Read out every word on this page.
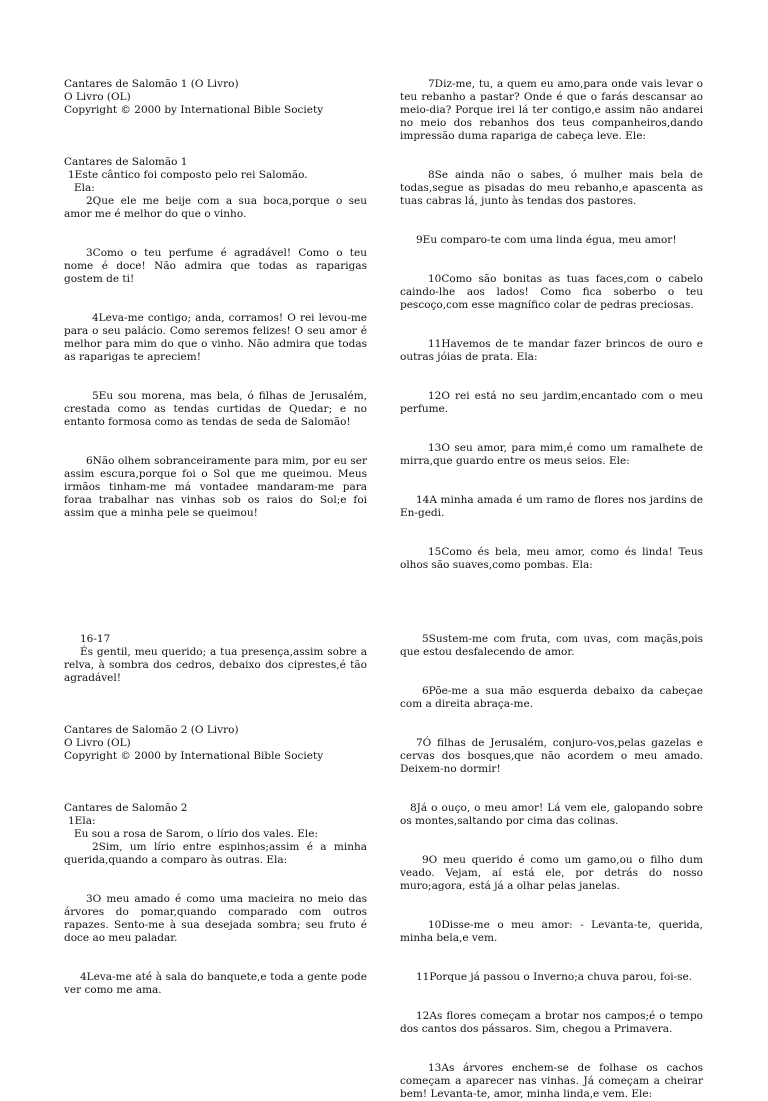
Cantares de Salomão 1 (O Livro)

O Livro (OL)

Copyright © 2000 by International Bible Society

Cantares de Salomão 1

1Este cântico foi composto pelo rei Salomão.

Ela:

2Que ele me beije com a sua boca,porque o seu amor me é melhor do que o vinho.

3Como o teu perfume é agradável! Como o teu nome é doce! Não admira que todas as raparigas gostem de ti!

4Leva-me contigo; anda, corramos! O rei levou-me para o seu palácio. Como seremos felizes! O seu amor é melhor para mim do que o vinho. Não admira que todas as raparigas te apreciem!

5Eu sou morena, mas bela, ó filhas de Jerusalém, crestada como as tendas curtidas de Quedar; e no entanto formosa como as tendas de seda de Salomão!

6Não olhem sobranceiramente para mim, por eu ser assim escura,porque foi o Sol que me queimou. Meus irmãos tinham-me má vontadee mandaram-me para foraa trabalhar nas vinhas sob os raios do Sol;e foi assim que a minha pele se queimou!

7Diz-me, tu, a quem eu amo,para onde vais levar o teu rebanho a pastar? Onde é que o farás descansar ao meio-dia? Porque irei lá ter contigo,e assim não andarei no meio dos rebanhos dos teus companheiros,dando impressão duma rapariga de cabeça leve. Ele:

8Se ainda não o sabes, ó mulher mais bela de todas,segue as pisadas do meu rebanho,e apascenta as tuas cabras lá, junto às tendas dos pastores.

9Eu comparo-te com uma linda égua, meu amor!

10Como são bonitas as tuas faces,com o cabelo caindo-lhe aos lados! Como fica soberbo o teu pescoço,com esse magnífico colar de pedras preciosas.

11Havemos de te mandar fazer brincos de ouro e outras jóias de prata. Ela:

12O rei está no seu jardim,encantado com o meu perfume.

13O seu amor, para mim,é como um ramalhete de mirra,que guardo entre os meus seios. Ele:

14A minha amada é um ramo de flores nos jardins de En-gedi.

15Como és bela, meu amor, como és linda! Teus olhos são suaves,como pombas. Ela:

16-17

És gentil, meu querido; a tua presença,assim sobre a relva, à sombra dos cedros, debaixo dos ciprestes,é tão agradável!

Cantares de Salomão 2 (O Livro)

O Livro (OL)

Copyright © 2000 by International Bible Society

Cantares de Salomão 2

1Ela:

Eu sou a rosa de Sarom, o lírio dos vales. Ele:

2Sim, um lírio entre espinhos;assim é a minha querida,quando a comparo às outras. Ela:

3O meu amado é como uma macieira no meio das árvores do pomar,quando comparado com outros rapazes. Sento-me à sua desejada sombra; seu fruto é doce ao meu paladar.

4Leva-me até à sala do banquete,e toda a gente pode ver como me ama.

5Sustem-me com fruta, com uvas, com maçãs,pois que estou desfalecendo de amor.

6Põe-me a sua mão esquerda debaixo da cabeçae com a direita abraça-me.

7Ó filhas de Jerusalém, conjuro-vos,pelas gazelas e cervas dos bosques,que não acordem o meu amado. Deixem-no dormir!

8Já o ouço, o meu amor! Lá vem ele, galopando sobre os montes,saltando por cima das colinas.

9O meu querido é como um gamo,ou o filho dum veado. Vejam, aí está ele, por detrás do nosso muro;agora, está já a olhar pelas janelas.

10Disse-me o meu amor: - Levanta-te, querida, minha bela,e vem.

11Porque já passou o Inverno;a chuva parou, foi-se.

12As flores começam a brotar nos campos;é o tempo dos cantos dos pássaros. Sim, chegou a Primavera.

13As árvores enchem-se de folhase os cachos começam a aparecer nas vinhas. Já começam a cheirar bem! Levanta-te, amor, minha linda,e vem. Ele:
